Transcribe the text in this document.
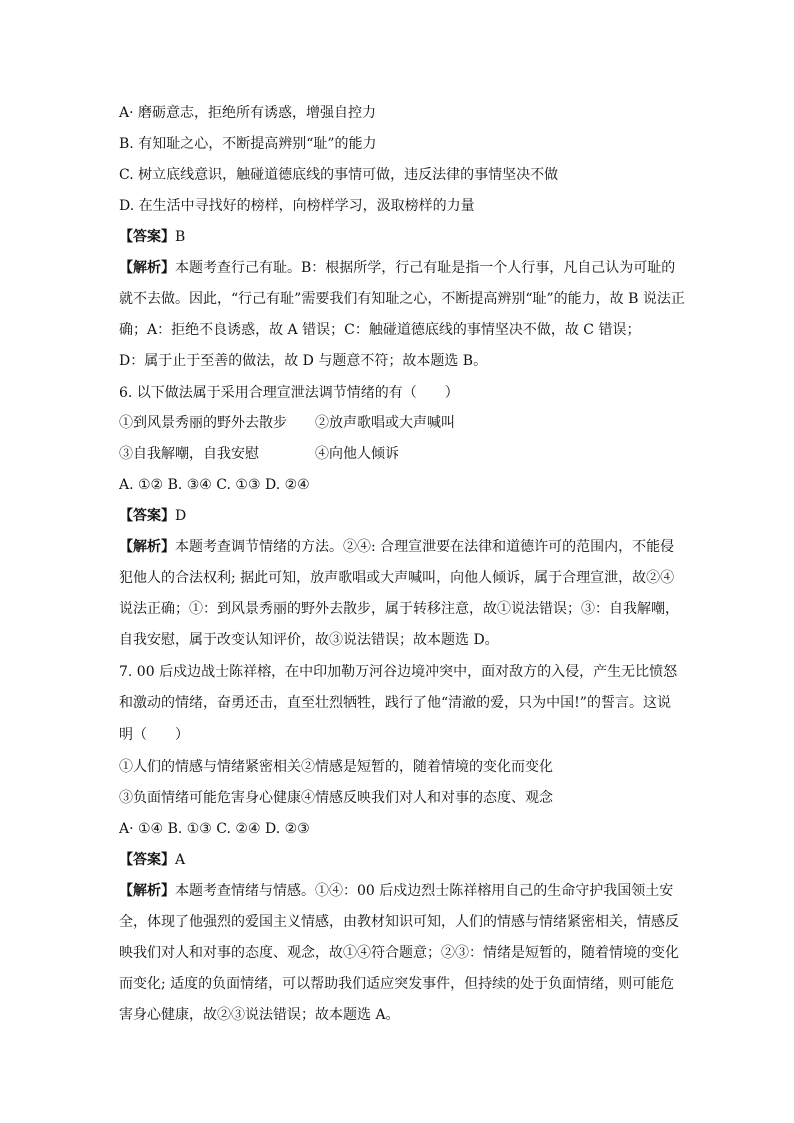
A· 磨砺意志，拒绝所有诱惑，增强自控力
B. 有知耻之心，不断提高辨别“耻”的能力
C. 树立底线意识，触碰道德底线的事情可做，违反法律的事情坚决不做
D. 在生活中寻找好的榜样，向榜样学习，汲取榜样的力量
【答案】B
【解析】本题考查行己有耻。B：根据所学，行己有耻是指一个人行事，凡自己认为可耻的
就不去做。因此，“行己有耻”需要我们有知耻之心，不断提高辨别“耻”的能力，故 B 说法正
确；A：拒绝不良诱惑，故 A 错误；C：触碰道德底线的事情坚决不做，故 C 错误；
D：属于止于至善的做法，故 D 与题意不符；故本题选 B。
6. 以下做法属于采用合理宣泄法调节情绪的有（　　）
①到风景秀丽的野外去散步　　②放声歌唱或大声喊叫
③自我解嘲，自我安慰　　　　④向他人倾诉
A. ①② B. ③④ C. ①③ D. ②④
【答案】D
【解析】本题考查调节情绪的方法。②④: 合理宣泄要在法律和道德许可的范围内，不能侵
犯他人的合法权利; 据此可知，放声歌唱或大声喊叫，向他人倾诉，属于合理宣泄，故②④
说法正确；①：到风景秀丽的野外去散步，属于转移注意，故①说法错误；③：自我解嘲，
自我安慰，属于改变认知评价，故③说法错误；故本题选 D。
7. 00 后戍边战士陈祥榕，在中印加勒万河谷边境冲突中，面对敌方的入侵，产生无比愤怒
和激动的情绪，奋勇还击，直至壮烈牺牲，践行了他“清澈的爱，只为中国!”的誓言。这说
明（　　）
①人们的情感与情绪紧密相关②情感是短暂的，随着情境的变化而变化
③负面情绪可能危害身心健康④情感反映我们对人和对事的态度、观念
A· ①④ B. ①③ C. ②④ D. ②③
【答案】A
【解析】本题考查情绪与情感。①④：00 后戍边烈士陈祥榕用自己的生命守护我国领土安
全，体现了他强烈的爱国主义情感，由教材知识可知，人们的情感与情绪紧密相关，情感反
映我们对人和对事的态度、观念，故①④符合题意；②③：情绪是短暂的，随着情境的变化
而变化; 适度的负面情绪，可以帮助我们适应突发事件，但持续的处于负面情绪，则可能危
害身心健康，故②③说法错误；故本题选 A。
